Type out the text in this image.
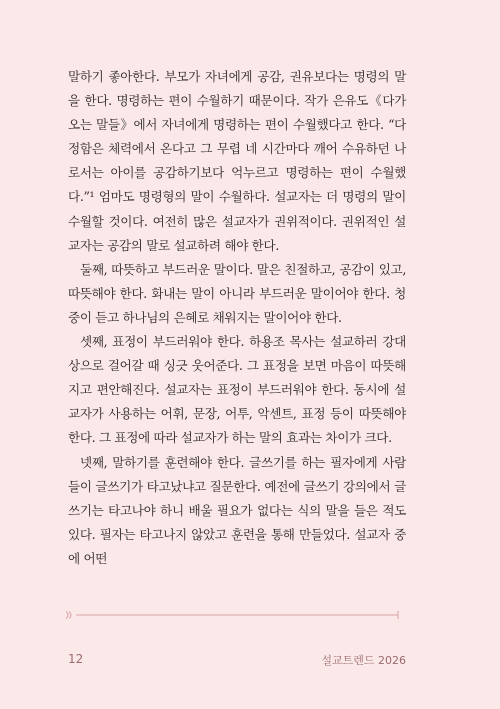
말하기 좋아한다. 부모가 자녀에게 공감, 권유보다는 명령의 말을 한다. 명령하는 편이 수월하기 때문이다. 작가 은유도《다가오는 말들》에서 자녀에게 명령하는 편이 수월했다고 한다. “다정함은 체력에서 온다고 그 무렵 네 시간마다 깨어 수유하던 나로서는 아이를 공감하기보다 억누르고 명령하는 편이 수월했다.”¹ 엄마도 명령형의 말이 수월하다. 설교자는 더 명령의 말이 수월할 것이다. 여전히 많은 설교자가 권위적이다. 권위적인 설교자는 공감의 말로 설교하려 해야 한다.

둘째, 따뜻하고 부드러운 말이다. 말은 친절하고, 공감이 있고, 따뜻해야 한다. 화내는 말이 아니라 부드러운 말이어야 한다. 청중이 듣고 하나님의 은혜로 채워지는 말이어야 한다.

셋째, 표정이 부드러워야 한다. 하용조 목사는 설교하러 강대상으로 걸어갈 때 싱긋 웃어준다. 그 표정을 보면 마음이 따뜻해지고 편안해진다. 설교자는 표정이 부드러워야 한다. 동시에 설교자가 사용하는 어휘, 문장, 어투, 악센트, 표정 등이 따뜻해야 한다. 그 표정에 따라 설교자가 하는 말의 효과는 차이가 크다.

넷째, 말하기를 훈련해야 한다. 글쓰기를 하는 필자에게 사람들이 글쓰기가 타고났냐고 질문한다. 예전에 글쓰기 강의에서 글쓰기는 타고나야 하니 배울 필요가 없다는 식의 말을 들은 적도 있다. 필자는 타고나지 않았고 훈련을 통해 만들었다. 설교자 중에 어떤

12	설교트렌드 2026
